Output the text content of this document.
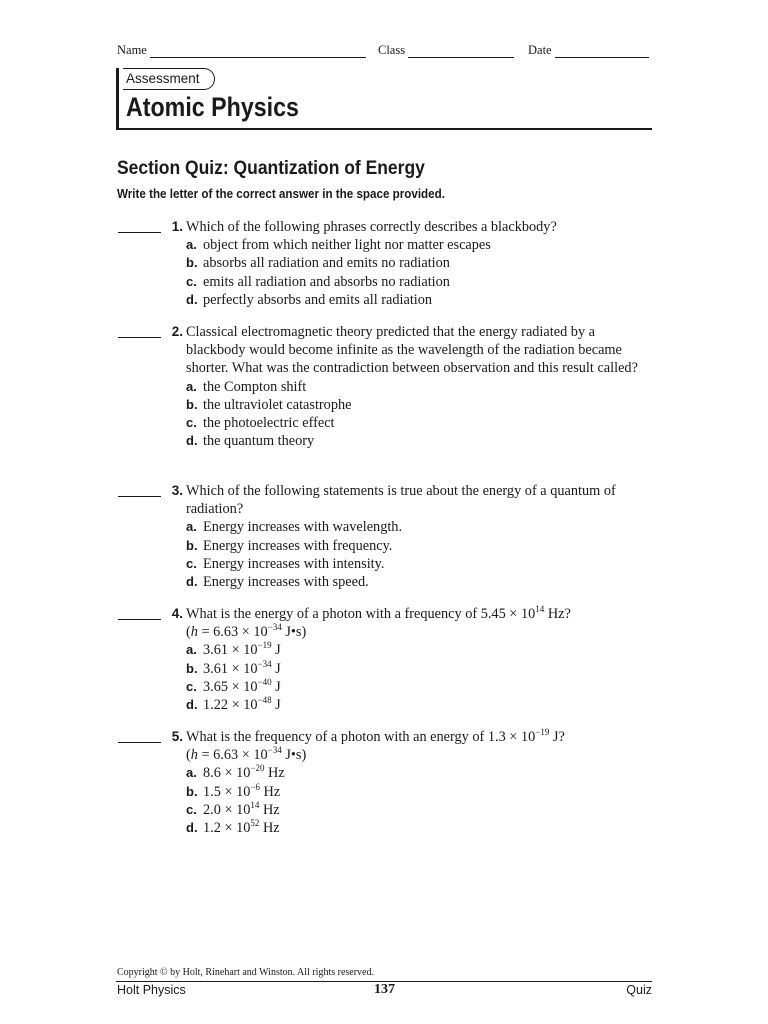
Name	Class	Date
Assessment
Atomic Physics
Section Quiz: Quantization of Energy
Write the letter of the correct answer in the space provided.
1. Which of the following phrases correctly describes a blackbody?
a. object from which neither light nor matter escapes
b. absorbs all radiation and emits no radiation
c. emits all radiation and absorbs no radiation
d. perfectly absorbs and emits all radiation
2. Classical electromagnetic theory predicted that the energy radiated by a blackbody would become infinite as the wavelength of the radiation became shorter. What was the contradiction between observation and this result called?
a. the Compton shift
b. the ultraviolet catastrophe
c. the photoelectric effect
d. the quantum theory
3. Which of the following statements is true about the energy of a quantum of radiation?
a. Energy increases with wavelength.
b. Energy increases with frequency.
c. Energy increases with intensity.
d. Energy increases with speed.
4. What is the energy of a photon with a frequency of $5.45 \times 10^{14}$ Hz?
($h = 6.63 \times 10^{-34}$ J•s)
a. $3.61 \times 10^{-19}$ J
b. $3.61 \times 10^{-34}$ J
c. $3.65 \times 10^{-40}$ J
d. $1.22 \times 10^{-48}$ J
5. What is the frequency of a photon with an energy of $1.3 \times 10^{-19}$ J?
($h = 6.63 \times 10^{-34}$ J•s)
a. $8.6 \times 10^{-20}$ Hz
b. $1.5 \times 10^{-6}$ Hz
c. $2.0 \times 10^{14}$ Hz
d. $1.2 \times 10^{52}$ Hz
Copyright © by Holt, Rinehart and Winston. All rights reserved.
Holt Physics	137	Quiz
